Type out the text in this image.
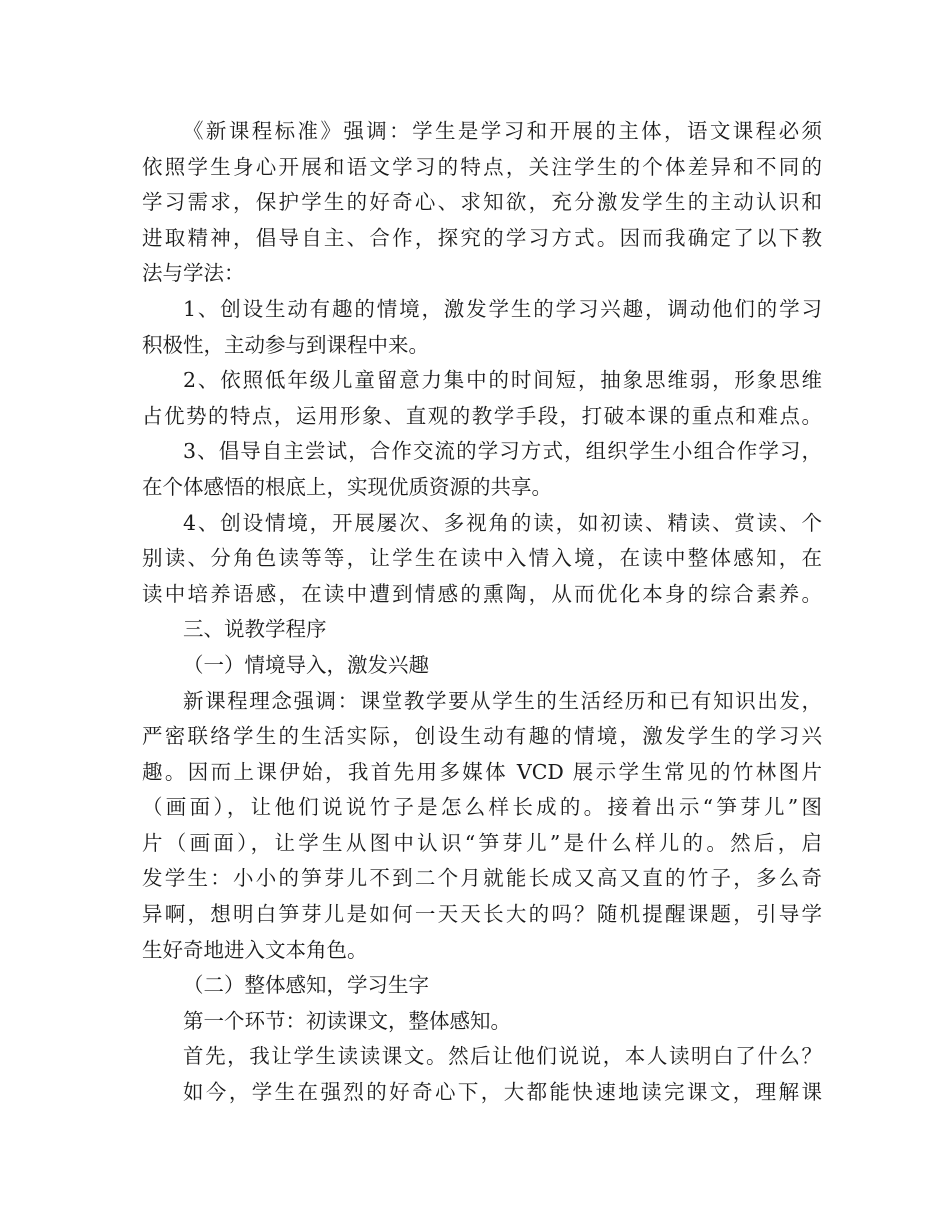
《新课程标准》强调：学生是学习和开展的主体，语文课程必须
依照学生身心开展和语文学习的特点，关注学生的个体差异和不同的
学习需求，保护学生的好奇心、求知欲，充分激发学生的主动认识和
进取精神，倡导自主、合作，探究的学习方式。因而我确定了以下教
法与学法：
1、创设生动有趣的情境，激发学生的学习兴趣，调动他们的学习
积极性，主动参与到课程中来。
2、依照低年级儿童留意力集中的时间短，抽象思维弱，形象思维
占优势的特点，运用形象、直观的教学手段，打破本课的重点和难点。
3、倡导自主尝试，合作交流的学习方式，组织学生小组合作学习，
在个体感悟的根底上，实现优质资源的共享。
4、创设情境，开展屡次、多视角的读，如初读、精读、赏读、个
别读、分角色读等等，让学生在读中入情入境，在读中整体感知，在
读中培养语感，在读中遭到情感的熏陶，从而优化本身的综合素养。
三、说教学程序
（一）情境导入，激发兴趣
新课程理念强调：课堂教学要从学生的生活经历和已有知识出发，
严密联络学生的生活实际，创设生动有趣的情境，激发学生的学习兴
趣。因而上课伊始，我首先用多媒体 VCD 展示学生常见的竹林图片
（画面），让他们说说竹子是怎么样长成的。接着出示“笋芽儿”图
片（画面），让学生从图中认识“笋芽儿”是什么样儿的。然后，启
发学生：小小的笋芽儿不到二个月就能长成又高又直的竹子，多么奇
异啊，想明白笋芽儿是如何一天天长大的吗？随机提醒课题，引导学
生好奇地进入文本角色。
（二）整体感知，学习生字
第一个环节：初读课文，整体感知。
首先，我让学生读读课文。然后让他们说说，本人读明白了什么？
如今，学生在强烈的好奇心下，大都能快速地读完课文，理解课
